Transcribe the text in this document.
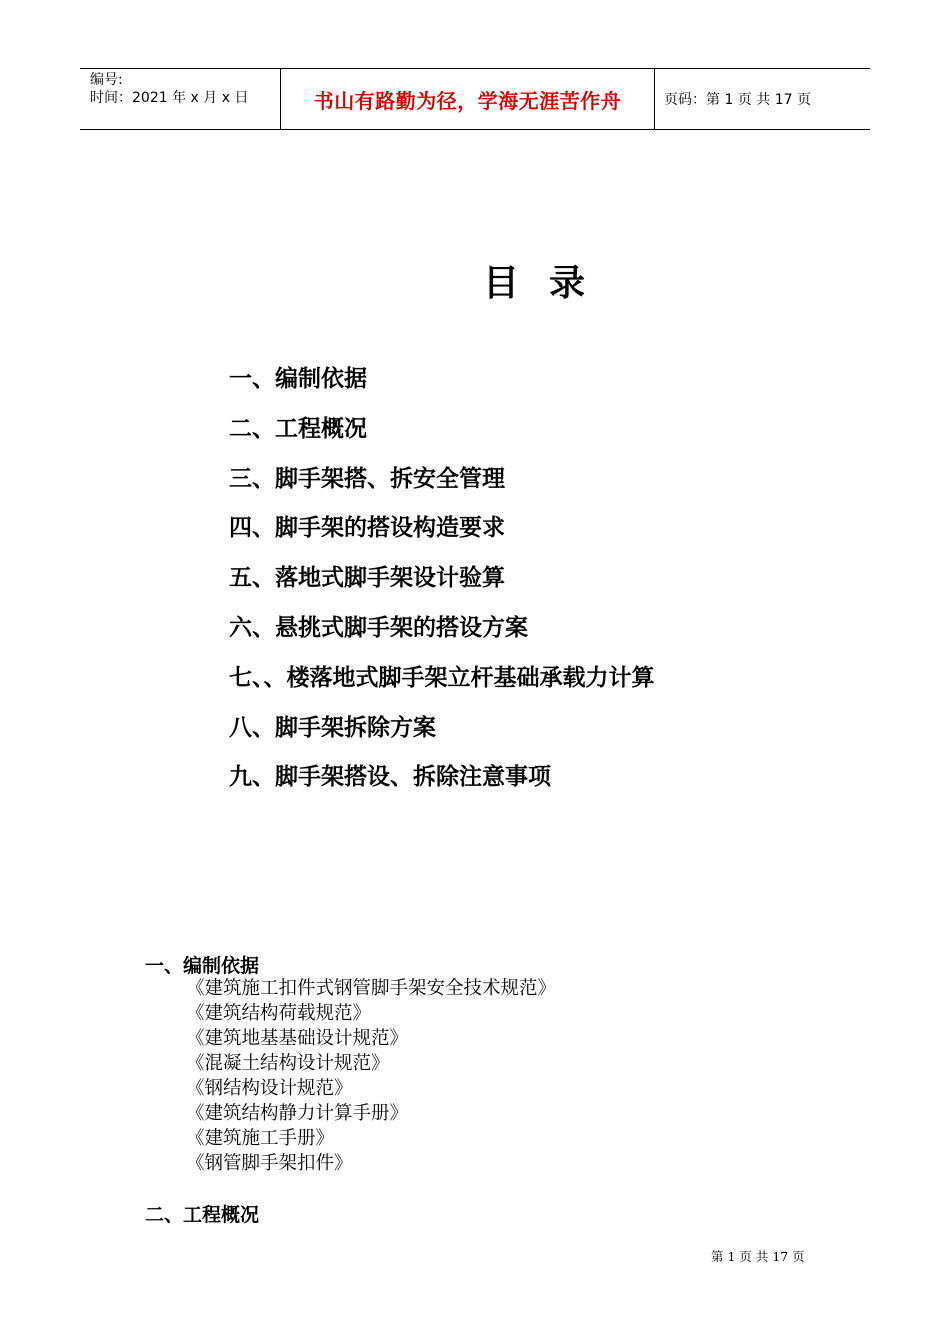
编号:
时间：2021 年 x 月 x 日	书山有路勤为径，学海无涯苦作舟	页码：第 1 页 共 17 页
目录
一、编制依据
二、工程概况
三、脚手架搭、拆安全管理
四、脚手架的搭设构造要求
五、落地式脚手架设计验算
六、悬挑式脚手架的搭设方案
七、、楼落地式脚手架立杆基础承载力计算
八、脚手架拆除方案
九、脚手架搭设、拆除注意事项
一、编制依据
《建筑施工扣件式钢管脚手架安全技术规范》
《建筑结构荷载规范》
《建筑地基基础设计规范》
《混凝土结构设计规范》
《钢结构设计规范》
《建筑结构静力计算手册》
《建筑施工手册》
《钢管脚手架扣件》
二、工程概况
第 1 页 共 17 页
